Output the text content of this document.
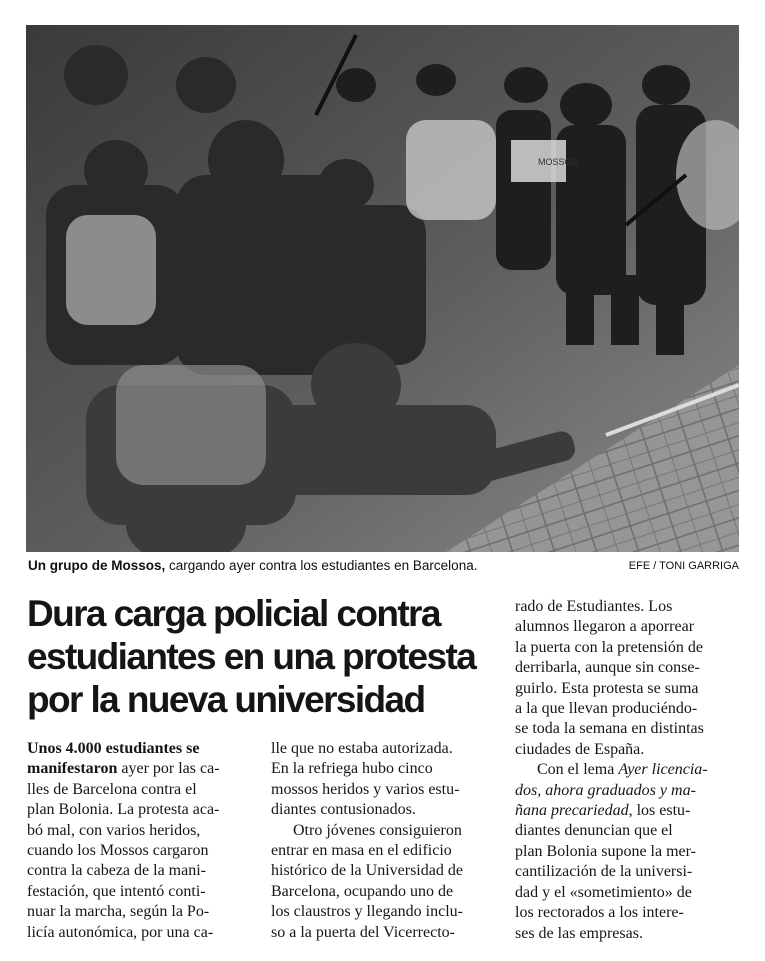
MOSSOS
Un grupo de Mossos, cargando ayer contra los estudiantes en Barcelona.	EFE / TONI GARRIGA
Dura carga policial contra
estudiantes en una protesta
por la nueva universidad
Unos 4.000 estudiantes se
manifestaron ayer por las ca-
lles de Barcelona contra el
plan Bolonia. La protesta aca-
bó mal, con varios heridos,
cuando los Mossos cargaron
contra la cabeza de la mani-
festación, que intentó conti-
nuar la marcha, según la Po-
licía autonómica, por una ca-
lle que no estaba autorizada.
En la refriega hubo cinco
mossos heridos y varios estu-
diantes contusionados.
Otro jóvenes consiguieron
entrar en masa en el edificio
histórico de la Universidad de
Barcelona, ocupando uno de
los claustros y llegando inclu-
so a la puerta del Vicerrecto-
rado de Estudiantes. Los
alumnos llegaron a aporrear
la puerta con la pretensión de
derribarla, aunque sin conse-
guirlo. Esta protesta se suma
a la que llevan produciéndo-
se toda la semana en distintas
ciudades de España.
Con el lema Ayer licencia-
dos, ahora graduados y ma-
ñana precariedad, los estu-
diantes denuncian que el
plan Bolonia supone la mer-
cantilización de la universi-
dad y el «sometimiento» de
los rectorados a los intere-
ses de las empresas.
